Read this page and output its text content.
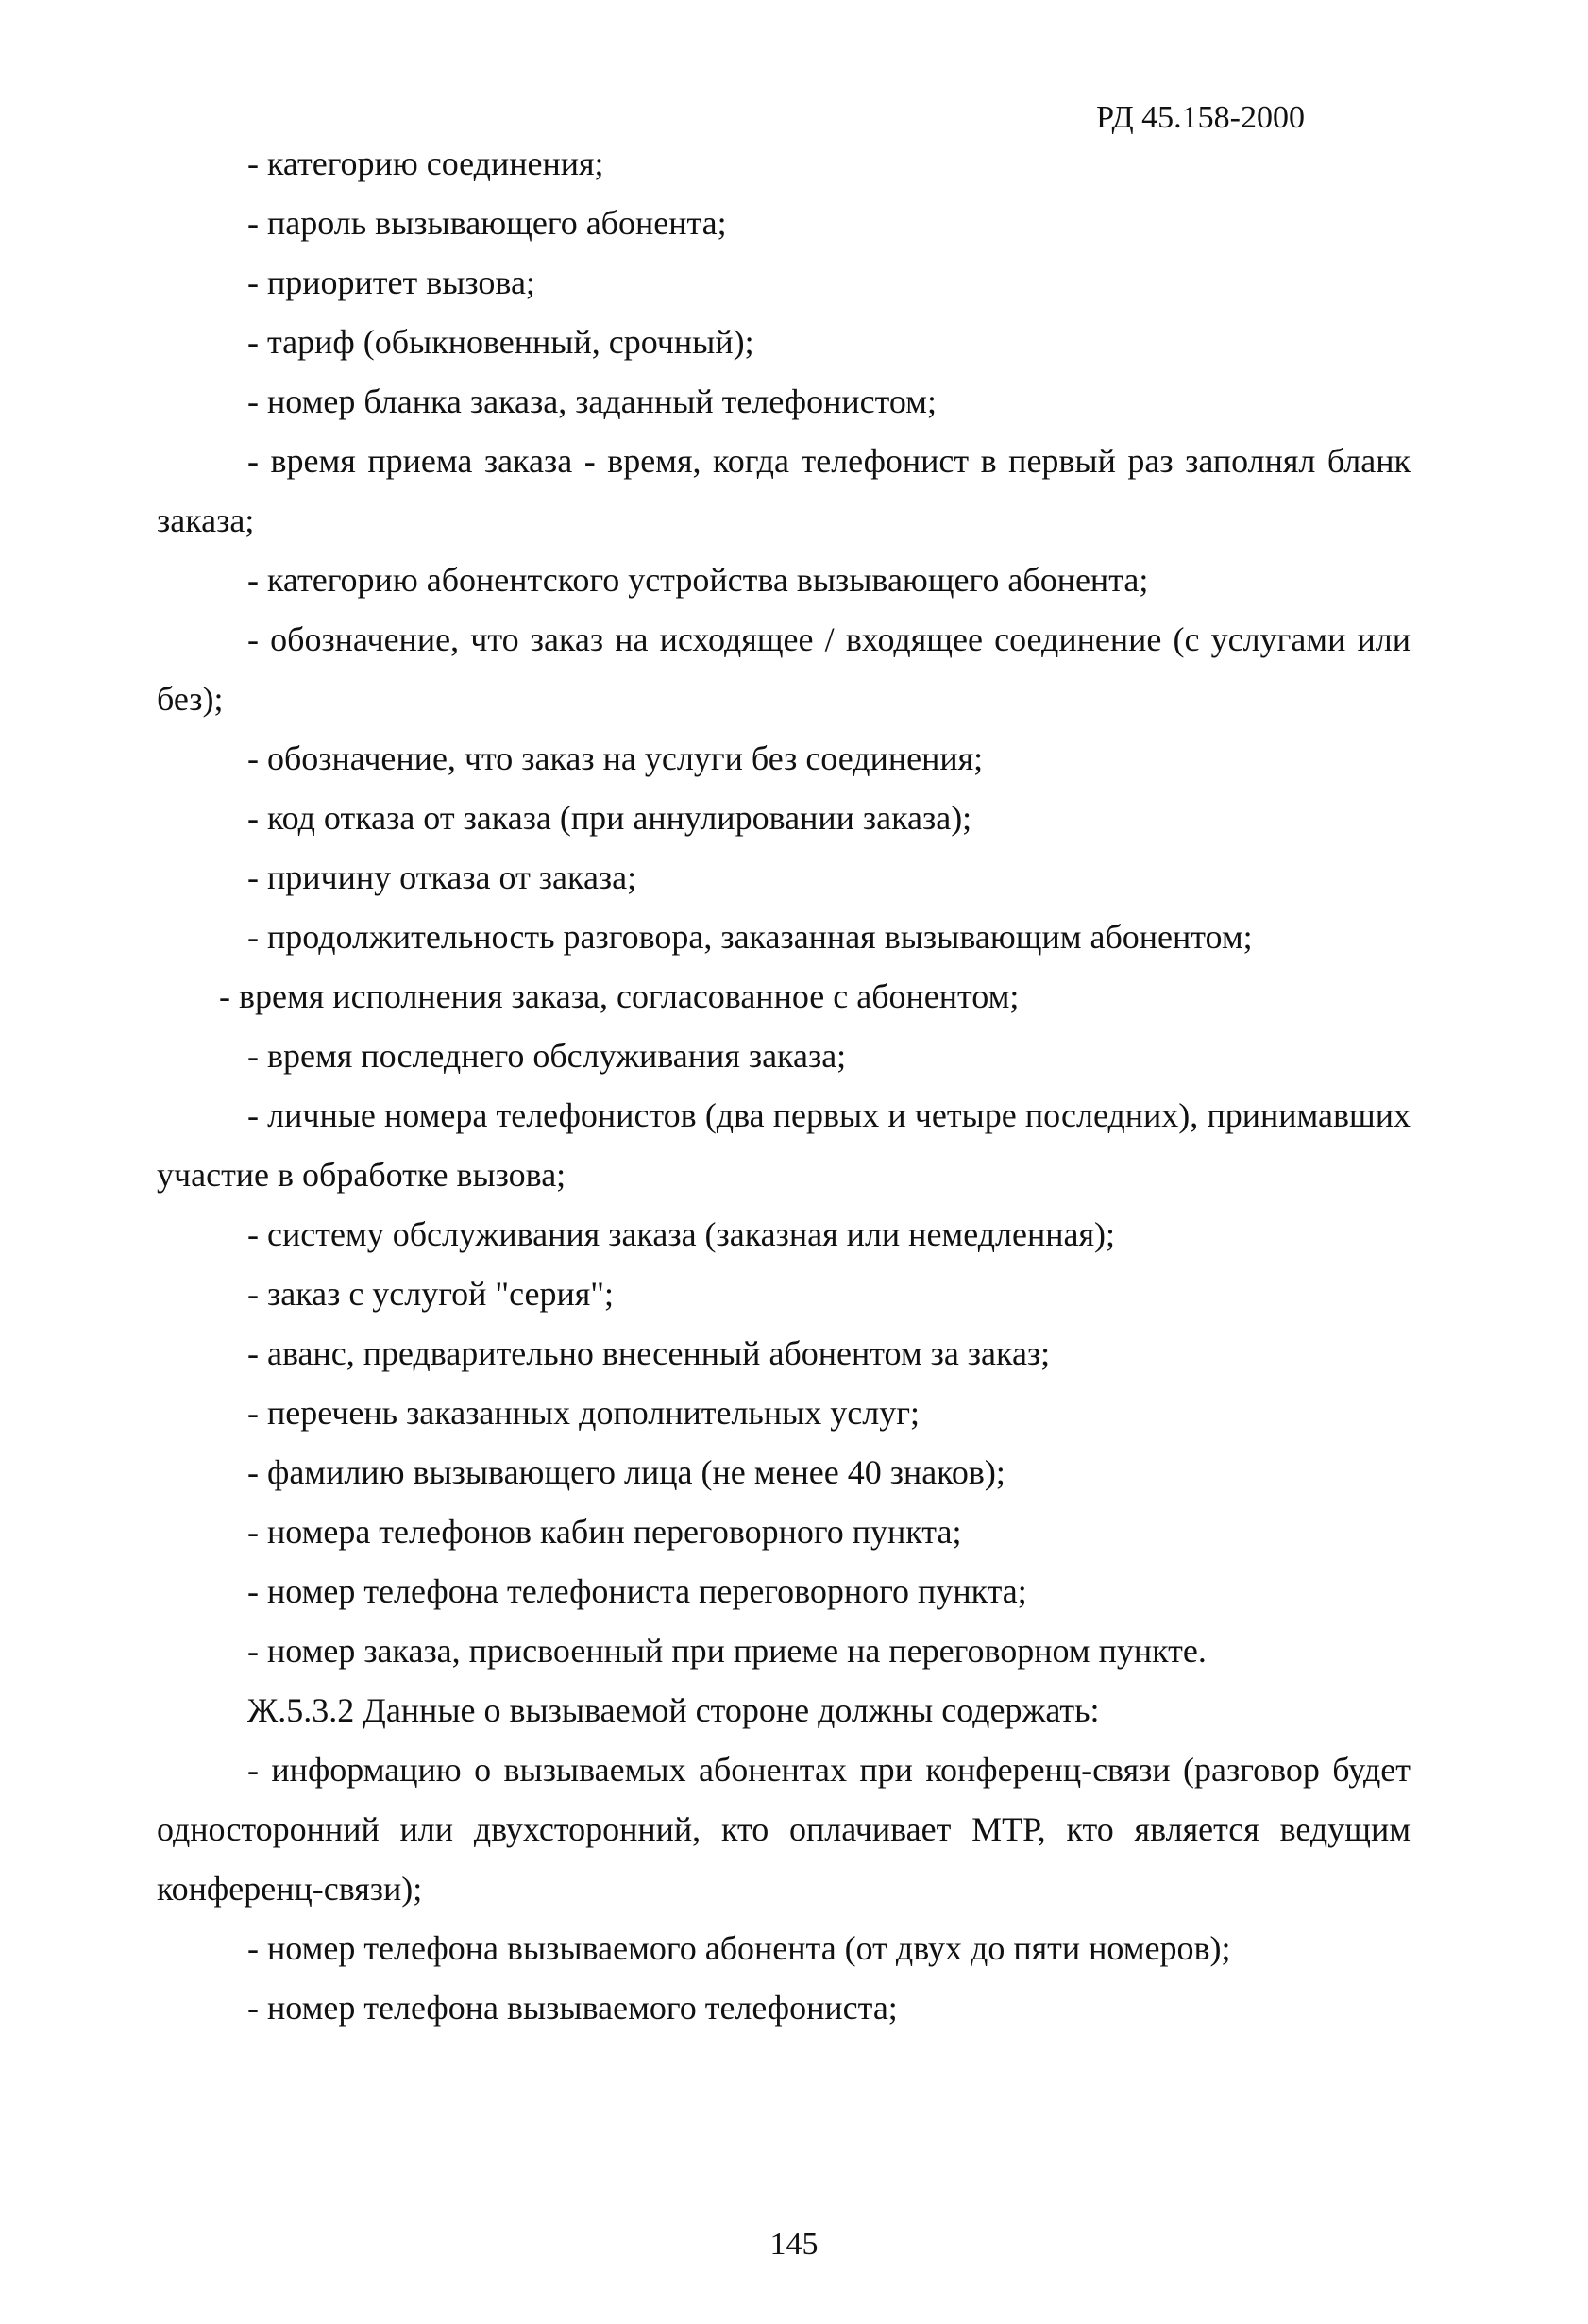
РД 45.158-2000

- категорию соединения;

- пароль вызывающего абонента;

- приоритет вызова;

- тариф (обыкновенный, срочный);

- номер бланка заказа, заданный телефонистом;

- время приема заказа - время, когда телефонист в первый раз заполнял бланк заказа;

- категорию абонентского устройства вызывающего абонента;

- обозначение, что заказ на исходящее / входящее соединение (с услугами или без);

- обозначение, что заказ на услуги без соединения;

- код отказа от заказа (при аннулировании заказа);

- причину отказа от заказа;

- продолжительность разговора, заказанная вызывающим абонентом;

- время исполнения заказа, согласованное с абонентом;

- время последнего обслуживания заказа;

- личные номера телефонистов (два первых и четыре последних), принимавших участие в обработке вызова;

- систему обслуживания заказа (заказная или немедленная);

- заказ с услугой "серия";

- аванс, предварительно внесенный абонентом за заказ;

- перечень заказанных дополнительных услуг;

- фамилию вызывающего лица (не менее 40 знаков);

- номера телефонов кабин переговорного пункта;

- номер телефона телефониста переговорного пункта;

- номер заказа, присвоенный при приеме на переговорном пункте.

Ж.5.3.2 Данные о вызываемой стороне должны содержать:

- информацию о вызываемых абонентах при конференц-связи (разговор будет односторонний или двухсторонний, кто оплачивает МТР, кто является ведущим конференц-связи);

- номер телефона вызываемого абонента (от двух до пяти номеров);

- номер телефона вызываемого телефониста;

145
